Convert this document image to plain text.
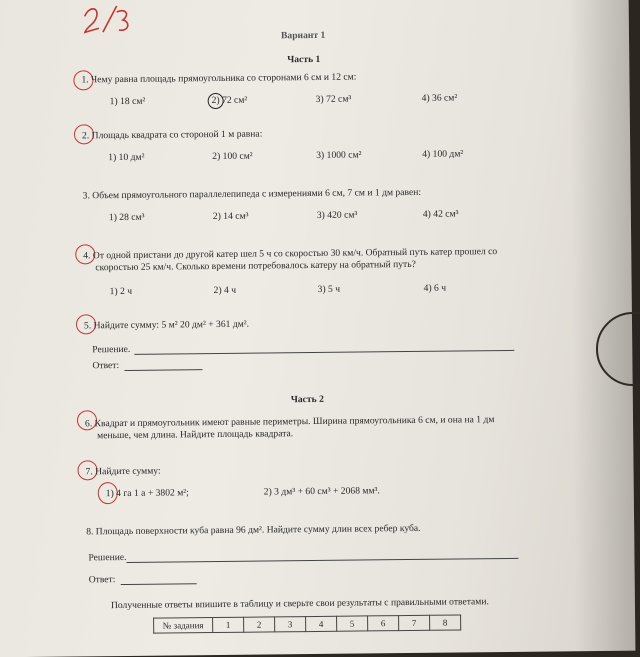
Вариант 1
Часть 1
1. Чему равна площадь прямоугольника со сторонами 6 см и 12 см:
1) 18 см²	2) 72 см²	3) 72 см³	4) 36 см²
2. Площадь квадрата со стороной 1 м равна:
1) 10 дм²	2) 100 см²	3) 1000 см²	4) 100 дм²
3. Объем прямоугольного параллелепипеда с измерениями 6 см, 7 см и 1 дм равен:
1) 28 см³	2) 14 см³	3) 420 см³	4) 42 см³
4. От одной пристани до другой катер шел 5 ч со скоростью 30 км/ч. Обратный путь катер прошел со
скоростью 25 км/ч. Сколько времени потребовалось катеру на обратный путь?
1) 2 ч	2) 4 ч	3) 5 ч	4) 6 ч
5. Найдите сумму: 5 м² 20 дм² + 361 дм².
Решение.
Ответ:
Часть 2
6. Квадрат и прямоугольник имеют равные периметры. Ширина прямоугольника 6 см, и она на 1 дм
меньше, чем длина. Найдите площадь квадрата.
7. Найдите сумму:
1) 4 га 1 а + 3802 м²;	2) 3 дм³ + 60 см³ + 2068 мм³.
8. Площадь поверхности куба равна 96 дм². Найдите сумму длин всех ребер куба.
Решение.
Ответ:
Полученные ответы впишите в таблицу и сверьте свои результаты с правильными ответами.
№ задания	1	2	3	4	5	6	7	8
